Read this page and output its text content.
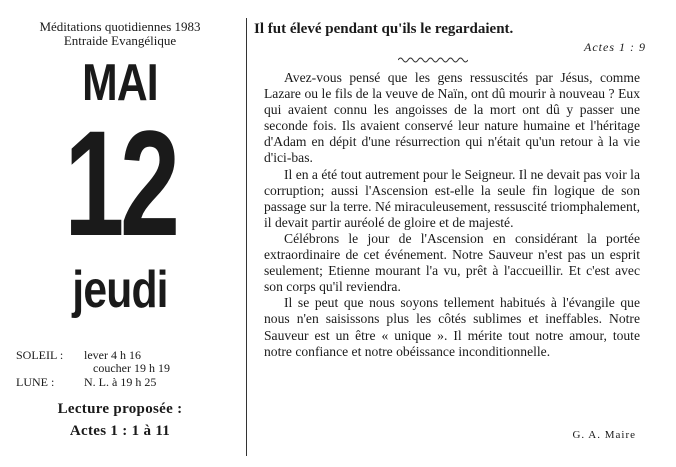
Méditations quotidiennes 1983
Entraide Evangélique
MAI
12
jeudi
SOLEIL : lever 4 h 16
coucher 19 h 19
LUNE : N. L. à 19 h 25
Lecture proposée :
Actes 1 : 1 à 11
Il fut élevé pendant qu'ils le regardaient.
Actes 1 : 9

Avez-vous pensé que les gens ressuscités par Jésus, comme Lazare ou le fils de la veuve de Naïn, ont dû mourir à nouveau ? Eux qui avaient connu les angoisses de la mort ont dû y passer une seconde fois. Ils avaient conservé leur nature humaine et l'héritage d'Adam en dépit d'une résurrection qui n'était qu'un retour à la vie d'ici-bas.

Il en a été tout autrement pour le Seigneur. Il ne devait pas voir la corruption; aussi l'Ascension est-elle la seule fin logique de son passage sur la terre. Né miraculeusement, ressuscité triomphalement, il devait partir auréolé de gloire et de majesté.

Célébrons le jour de l'Ascension en considérant la portée extraordinaire de cet événement. Notre Sauveur n'est pas un esprit seulement; Etienne mourant l'a vu, prêt à l'accueillir. Et c'est avec son corps qu'il reviendra.

Il se peut que nous soyons tellement habitués à l'évangile que nous n'en saisissons plus les côtés sublimes et ineffables. Notre Sauveur est un être « unique ». Il mérite tout notre amour, toute notre confiance et notre obéissance inconditionnelle.

G. A. Maire
